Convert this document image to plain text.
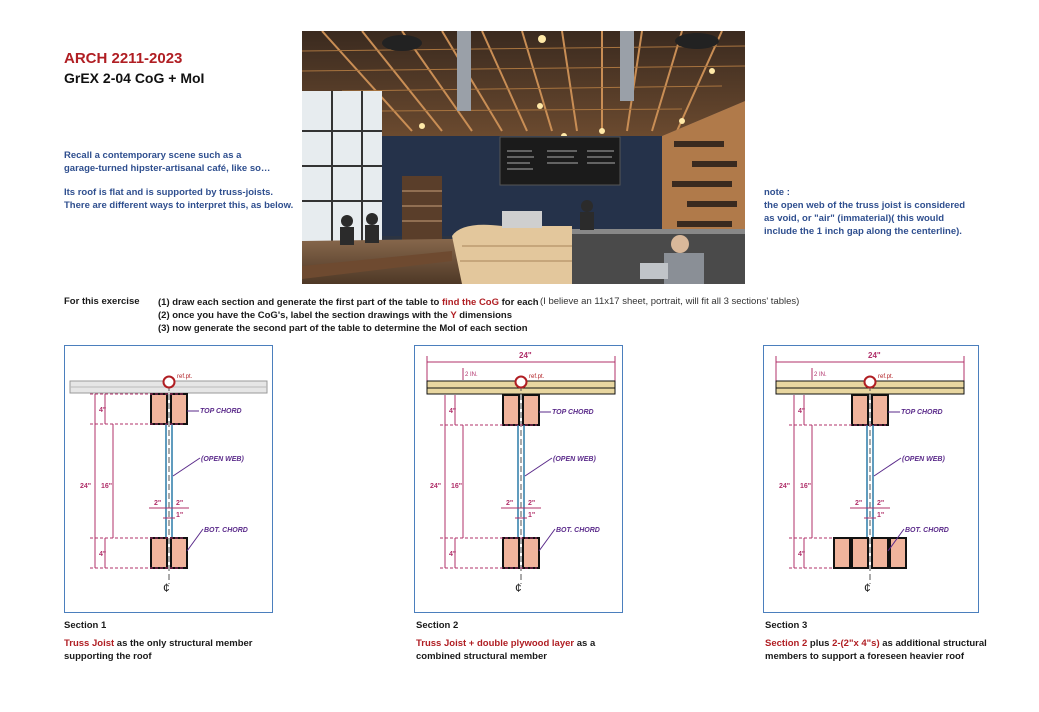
ARCH 2211-2023
GrEX 2-04 CoG + MoI
Recall a contemporary scene such as a
garage-turned hipster-artisanal café, like so…
Its roof is flat and is supported by truss-joists.
There are different ways to interpret this, as below.
note :
the open web of the truss joist is considered
as void, or "air" (immaterial)( this would
include the 1 inch gap along the centerline).
For this exercise (1) draw each section and generate the first part of the table to find the CoG for each
(2) once you have the CoG's, label the section drawings with the Y dimensions
(3) now generate the second part of the table to determine the MoI of each section
(I believe an 11x17 sheet, portrait, will fit all 3 sections' tables)
¢
ref.pt.
24" 16"
4"
4"
2" 2"
1"
TOP CHORD
(OPEN WEB)
BOT. CHORD
24"
2 IN.
¢
ref.pt.
24" 16"
4"
4"
2" 2"
1"
TOP CHORD
(OPEN WEB)
BOT. CHORD
24"
2 IN.
¢
ref.pt.
24" 16"
4"
4"
2" 2"
1"
TOP CHORD
(OPEN WEB)
BOT. CHORD
Section 1
Truss Joist as the only structural member
supporting the roof
Section 2
Truss Joist + double plywood layer as a
combined structural member
Section 3
Section 2 plus 2-(2"x 4"s) as additional structural
members to support a foreseen heavier roof
